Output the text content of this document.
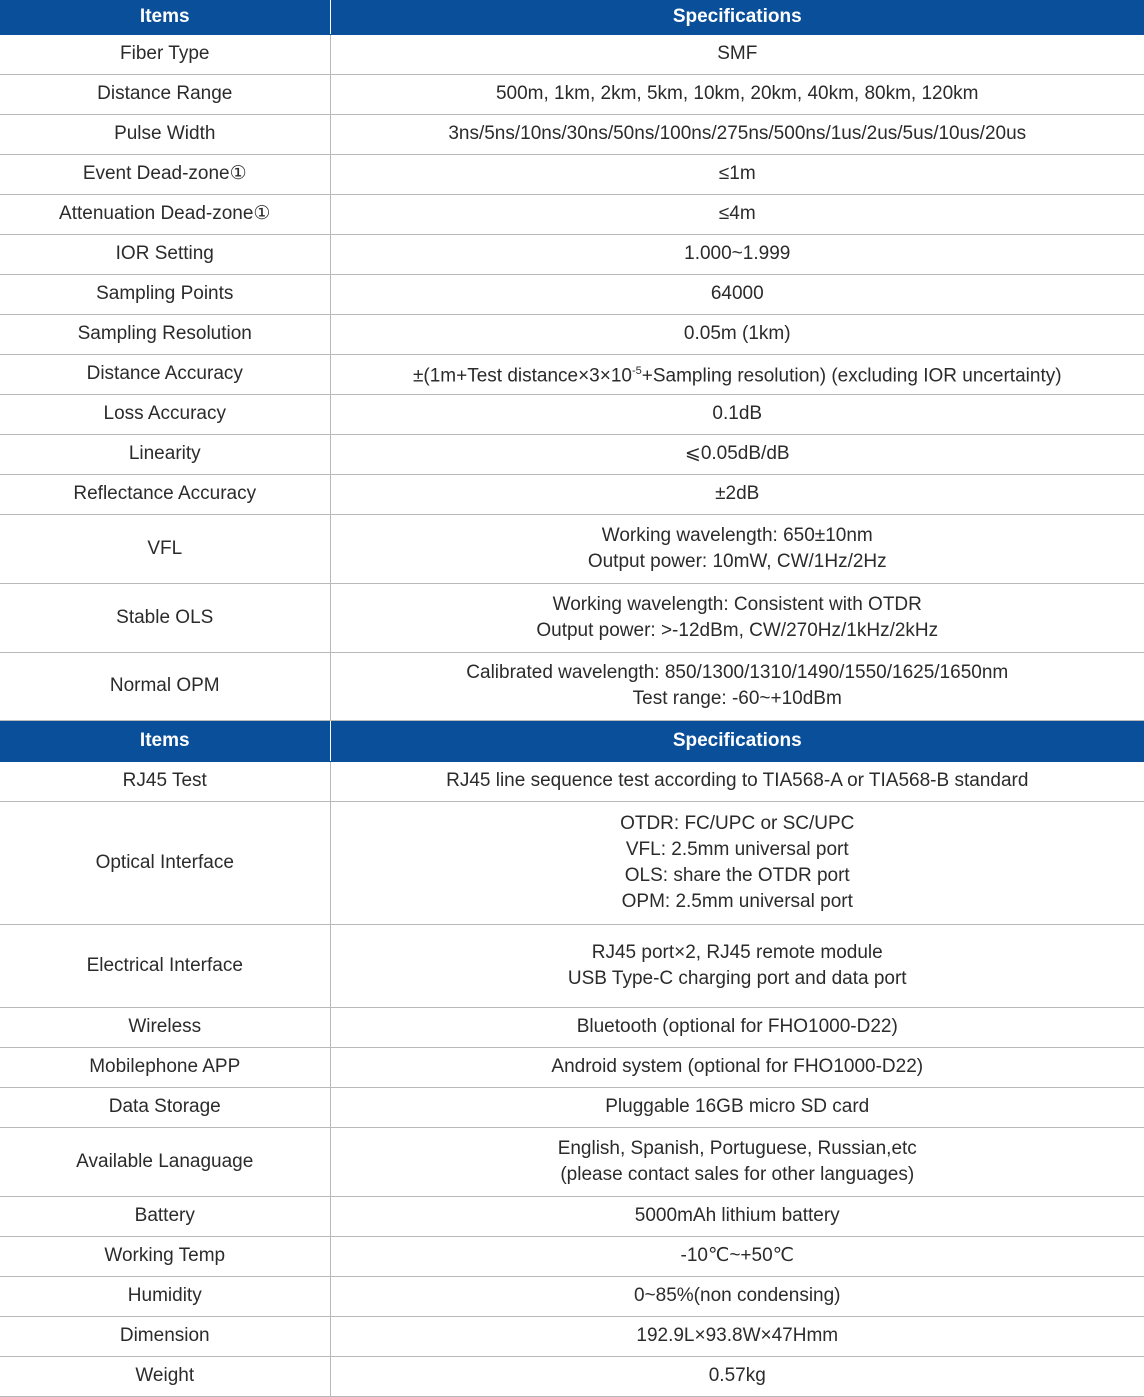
Items	Specifications
Fiber Type	SMF

Distance Range	500m, 1km, 2km, 5km, 10km, 20km, 40km, 80km, 120km

Pulse Width	3ns/5ns/10ns/30ns/50ns/100ns/275ns/500ns/1us/2us/5us/10us/20us

Event Dead-zone①	≤1m

Attenuation Dead-zone①	≤4m

IOR Setting	1.000~1.999

Sampling Points	64000

Sampling Resolution	0.05m (1km)

Distance Accuracy	±(1m+Test $distance\times 3\times 10^{-5}+Sampling$ resolution) (excluding IOR uncertainty)
Loss Accuracy	0.1dB

Linearity	⩽0.05dB/dB

Reflectance Accuracy	±2dB

VFL	Working wavelength: 650±10nm
Output power: 10mW, CW/1Hz/2Hz

Stable OLS	Working wavelength: Consistent with OTDR
Output power: >-12dBm, CW/270Hz/1kHz/2kHz

Normal OPM	Calibrated wavelength: 850/1300/1310/1490/1550/1625/1650nm
Test range: -60~+10dBm

Items	Specifications
RJ45 Test	RJ45 line sequence test according to TIA568-A or TIA568-B standard

Optical Interface	OTDR: FC/UPC or SC/UPC
VFL: 2.5mm universal port
OLS: share the OTDR port
OPM: 2.5mm universal port

Electrical Interface	RJ45 port×2, RJ45 remote module
USB Type-C charging port and data port

Wireless	Bluetooth (optional for FHO1000-D22)

Mobilephone APP	Android system (optional for FHO1000-D22)

Data Storage	Pluggable 16GB micro SD card

Available Lanaguage	English, Spanish, Portuguese, Russian,etc
(please contact sales for other languages)

Battery	5000mAh lithium battery

Working Temp	-10℃~+50℃

Humidity	0~85%(non condensing)

Dimension	192.9L×93.8W×47Hmm

Weight	0.57kg
